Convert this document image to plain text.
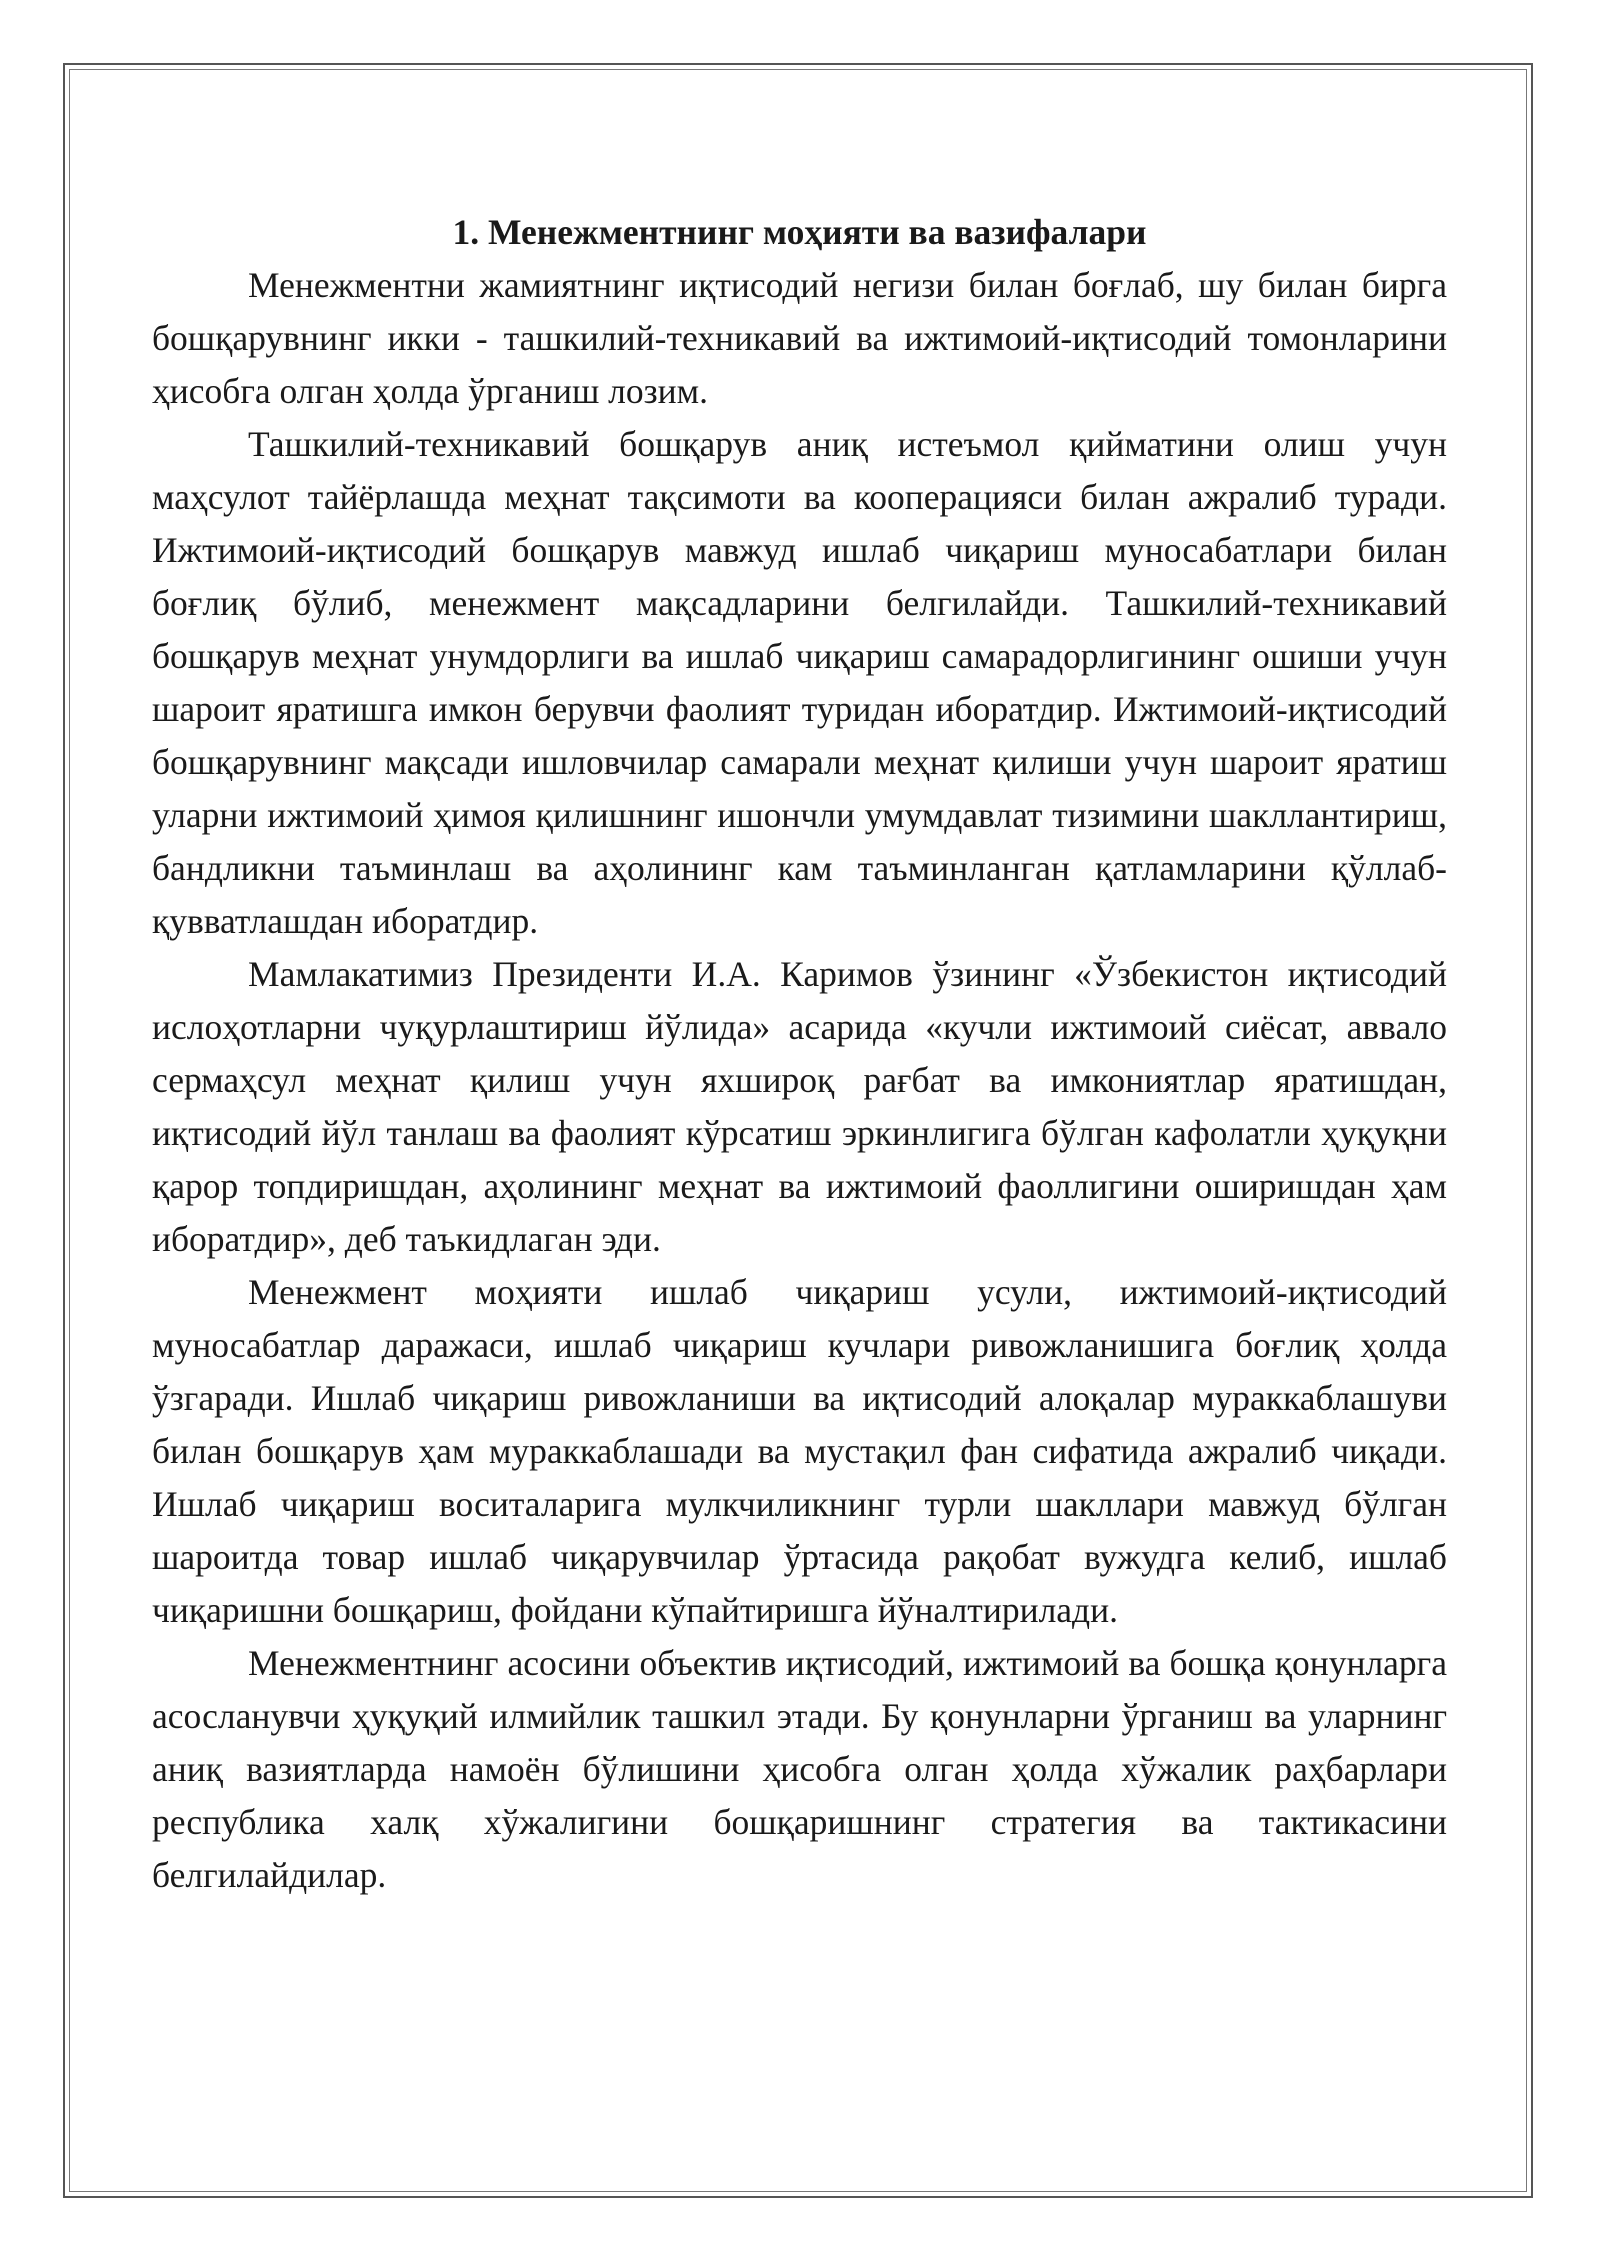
1. Менежментнинг моҳияти ва вазифалари

Менежментни жамиятнинг иқтисодий негизи билан боғлаб, шу билан бирга бошқарувнинг икки - ташкилий-техникавий ва ижтимоий-иқтисодий томонларини ҳисобга олган ҳолда ўрганиш лозим.

Ташкилий-техникавий бошқарув аниқ истеъмол қийматини олиш учун маҳсулот тайёрлашда меҳнат тақсимоти ва кооперацияси билан ажралиб туради. Ижтимоий-иқтисодий бошқарув мавжуд ишлаб чиқариш муносабатлари билан боғлиқ бўлиб, менежмент мақсадларини белгилайди. Ташкилий-техникавий бошқарув меҳнат унумдорлиги ва ишлаб чиқариш самарадорлигининг ошиши учун шароит яратишга имкон берувчи фаолият туридан иборатдир. Ижтимоий-иқтисодий бошқарувнинг мақсади ишловчилар самарали меҳнат қилиши учун шароит яратиш уларни ижтимоий ҳимоя қилишнинг ишончли умумдавлат тизимини шакллантириш, бандликни таъминлаш ва аҳолининг кам таъминланган қатламларини қўллаб-қувватлашдан иборатдир.

Мамлакатимиз Президенти И.А. Каримов ўзининг «Ўзбекистон иқтисодий ислоҳотларни чуқурлаштириш йўлида» асарида «кучли ижтимоий сиёсат, аввало сермаҳсул меҳнат қилиш учун яхшироқ рағбат ва имкониятлар яратишдан, иқтисодий йўл танлаш ва фаолият кўрсатиш эркинлигига бўлган кафолатли ҳуқуқни қарор топдиришдан, аҳолининг меҳнат ва ижтимоий фаоллигини оширишдан ҳам иборатдир», деб таъкидлаган эди.

Менежмент моҳияти ишлаб чиқариш усули, ижтимоий-иқтисодий муносабатлар даражаси, ишлаб чиқариш кучлари ривожланишига боғлиқ ҳолда ўзгаради. Ишлаб чиқариш ривожланиши ва иқтисодий алоқалар мураккаблашуви билан бошқарув ҳам мураккаблашади ва мустақил фан сифатида ажралиб чиқади. Ишлаб чиқариш воситаларига мулкчиликнинг турли шакллари мавжуд бўлган шароитда товар ишлаб чиқарувчилар ўртасида рақобат вужудга келиб, ишлаб чиқаришни бошқариш, фойдани кўпайтиришга йўналтирилади.

Менежментнинг асосини объектив иқтисодий, ижтимоий ва бошқа қонунларга асосланувчи ҳуқуқий илмийлик ташкил этади. Бу қонунларни ўрганиш ва уларнинг аниқ вазиятларда намоён бўлишини ҳисобга олган ҳолда хўжалик раҳбарлари республика халқ хўжалигини бошқаришнинг стратегия ва тактикасини белгилайдилар.
